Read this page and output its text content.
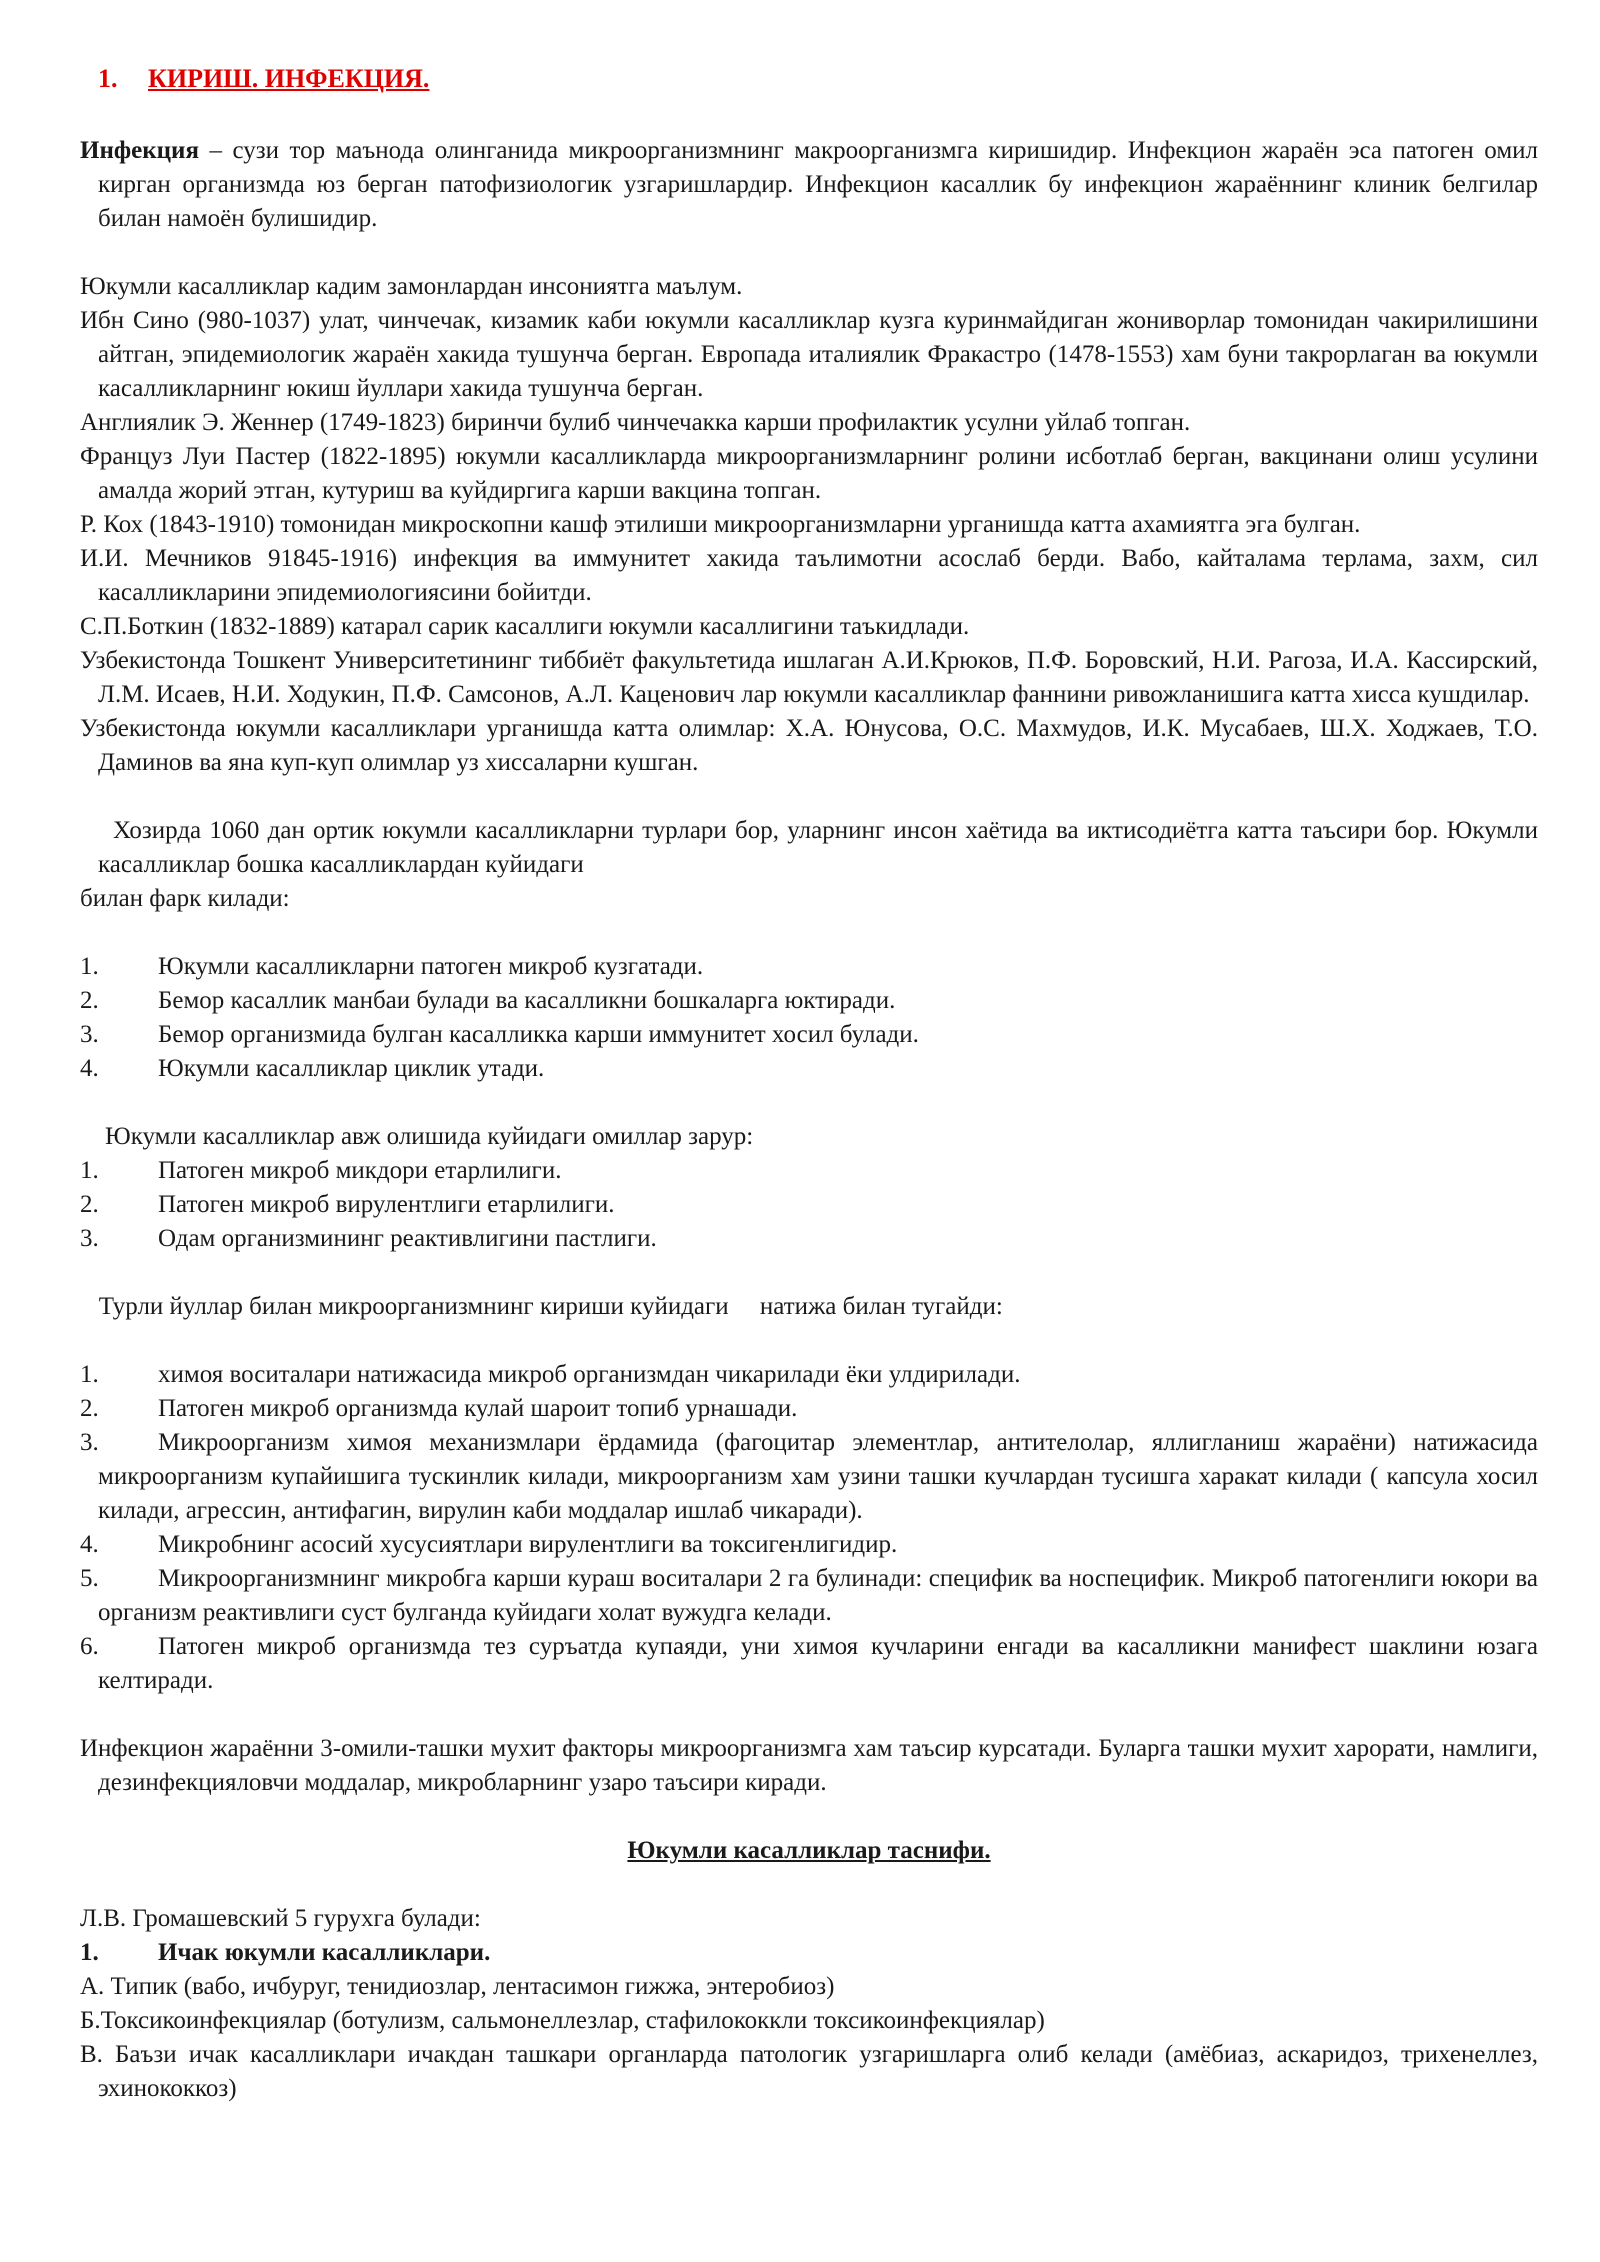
1. КИРИШ. ИНФЕКЦИЯ.

Инфекция – сузи тор маънода олинганида микроорганизмнинг макроорганизмга киришидир. Инфекцион жараён эса патоген омил кирган организмда юз берган патофизиологик узгаришлардир. Инфекцион касаллик бу инфекцион жараённинг клиник белгилар билан намоён булишидир.

Юкумли касалликлар кадим замонлардан инсониятга маълум.

Ибн Сино (980-1037) улат, чинчечак, кизамик каби юкумли касалликлар кузга куринмайдиган жониворлар томонидан чакирилишини айтган, эпидемиологик жараён хакида тушунча берган. Европада италиялик Фракастро (1478-1553) хам буни такрорлаган ва юкумли касалликларнинг юкиш йуллари хакида тушунча берган.

Англиялик Э. Женнер (1749-1823) биринчи булиб чинчечакка карши профилактик усулни уйлаб топган.

Француз Луи Пастер (1822-1895) юкумли касалликларда микроорганизмларнинг ролини исботлаб берган, вакцинани олиш усулини амалда жорий этган, кутуриш ва куйдиргига карши вакцина топган.

Р. Кох (1843-1910) томонидан микроскопни кашф этилиши микроорганизмларни урганишда катта ахамиятга эга булган.

И.И. Мечников 91845-1916) инфекция ва иммунитет хакида таълимотни асослаб берди. Вабо, кайталама терлама, захм, сил касалликларини эпидемиологиясини бойитди.

С.П.Боткин (1832-1889) катарал сарик касаллиги юкумли касаллигини таъкидлади.

Узбекистонда Тошкент Университетининг тиббиёт факультетида ишлаган А.И.Крюков, П.Ф. Боровский, Н.И. Рагоза, И.А. Кассирский, Л.М. Исаев, Н.И. Ходукин, П.Ф. Самсонов, А.Л. Каценович лар юкумли касалликлар фаннини ривожланишига катта хисса кушдилар.

Узбекистонда юкумли касалликлари урганишда катта олимлар: Х.А. Юнусова, О.С. Махмудов, И.К. Мусабаев, Ш.Х. Ходжаев, Т.О. Даминов ва яна куп-куп олимлар уз хиссаларни кушган.

Хозирда 1060 дан ортик юкумли касалликларни турлари бор, уларнинг инсон хаётида ва иктисодиётга катта таъсири бор. Юкумли касалликлар бошка касалликлардан куйидаги

билан фарк килади:

1. Юкумли касалликларни патоген микроб кузгатади.
2. Бемор касаллик манбаи булади ва касалликни бошкаларга юктиради.
3. Бемор организмида булган касалликка карши иммунитет хосил булади.
4. Юкумли касалликлар циклик утади.

Юкумли касалликлар авж олишида куйидаги омиллар зарур:

1. Патоген микроб микдори етарлилиги.
2. Патоген микроб вирулентлиги етарлилиги.
3. Одам организмининг реактивлигини пастлиги.

Турли йуллар билан микроорганизмнинг кириши куйидаги     натижа билан тугайди:

1. химоя воситалари натижасида микроб организмдан чикарилади ёки улдирилади.
2. Патоген микроб организмда кулай шароит топиб урнашади.
3. Микроорганизм химоя механизмлари ёрдамида (фагоцитар элементлар, антителолар, яллигланиш жараёни) натижасида микроорганизм купайишига тускинлик килади, микроорганизм хам узини ташки кучлардан тусишга харакат килади ( капсула хосил килади, агрессин, антифагин, вирулин каби моддалар ишлаб чикаради).
4. Микробнинг асосий хусусиятлари вирулентлиги ва токсигенлигидир.
5. Микроорганизмнинг микробга карши кураш воситалари 2 га булинади: специфик ва носпецифик. Микроб патогенлиги юкори ва организм реактивлиги суст булганда куйидаги холат вужудга келади.
6. Патоген микроб организмда тез суръатда купаяди, уни химоя кучларини енгади ва касалликни манифест шаклини юзага келтиради.

Инфекцион жараённи 3-омили-ташки мухит факторы микроорганизмга хам таъсир курсатади. Буларга ташки мухит харорати, намлиги, дезинфекцияловчи моддалар, микробларнинг узаро таъсири киради.

Юкумли касалликлар таснифи.

Л.В. Громашевский 5 гурухга булади:

1. Ичак юкумли касалликлари.

А. Типик (вабо, ичбуруг, тенидиозлар, лентасимон гижжа, энтеробиоз)

Б.Токсикоинфекциялар (ботулизм, сальмонеллезлар, стафилококкли токсикоинфекциялар)

В. Баъзи ичак касалликлари ичакдан ташкари органларда патологик узгаришларга олиб келади (амёбиаз, аскаридоз, трихенеллез, эхинококкоз)
